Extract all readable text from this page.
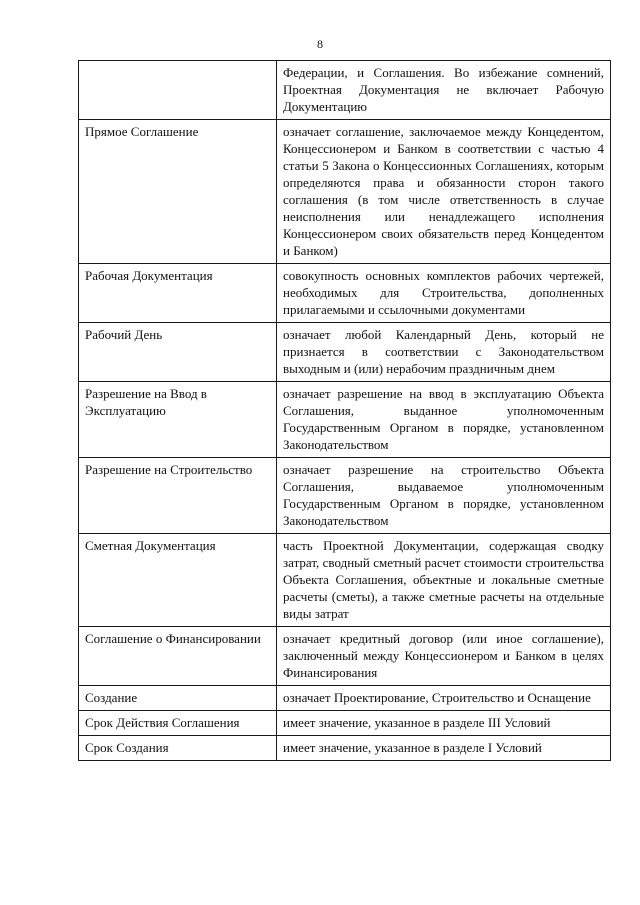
8
	Федерации, и Соглашения. Во избежание сомнений, Проектная Документация не включает Рабочую Документацию
Прямое Соглашение	означает соглашение, заключаемое между Концедентом, Концессионером и Банком в соответствии с частью 4 статьи 5 Закона о Концессионных Соглашениях, которым определяются права и обязанности сторон такого соглашения (в том числе ответственность в случае неисполнения или ненадлежащего исполнения Концессионером своих обязательств перед Концедентом и Банком)
Рабочая Документация	совокупность основных комплектов рабочих чертежей, необходимых для Строительства, дополненных прилагаемыми и ссылочными документами
Рабочий День	означает любой Календарный День, который не признается в соответствии с Законодательством выходным и (или) нерабочим праздничным днем
Разрешение на Ввод в Эксплуатацию	означает разрешение на ввод в эксплуатацию Объекта Соглашения, выданное уполномоченным Государственным Органом в порядке, установленном Законодательством
Разрешение на Строительство	означает разрешение на строительство Объекта Соглашения, выдаваемое уполномоченным Государственным Органом в порядке, установленном Законодательством
Сметная Документация	часть Проектной Документации, содержащая сводку затрат, сводный сметный расчет стоимости строительства Объекта Соглашения, объектные и локальные сметные расчеты (сметы), а также сметные расчеты на отдельные виды затрат
Соглашение о Финансировании	означает кредитный договор (или иное соглашение), заключенный между Концессионером и Банком в целях Финансирования
Создание	означает Проектирование, Строительство и Оснащение
Срок Действия Соглашения	имеет значение, указанное в разделе III Условий
Срок Создания	имеет значение, указанное в разделе I Условий
